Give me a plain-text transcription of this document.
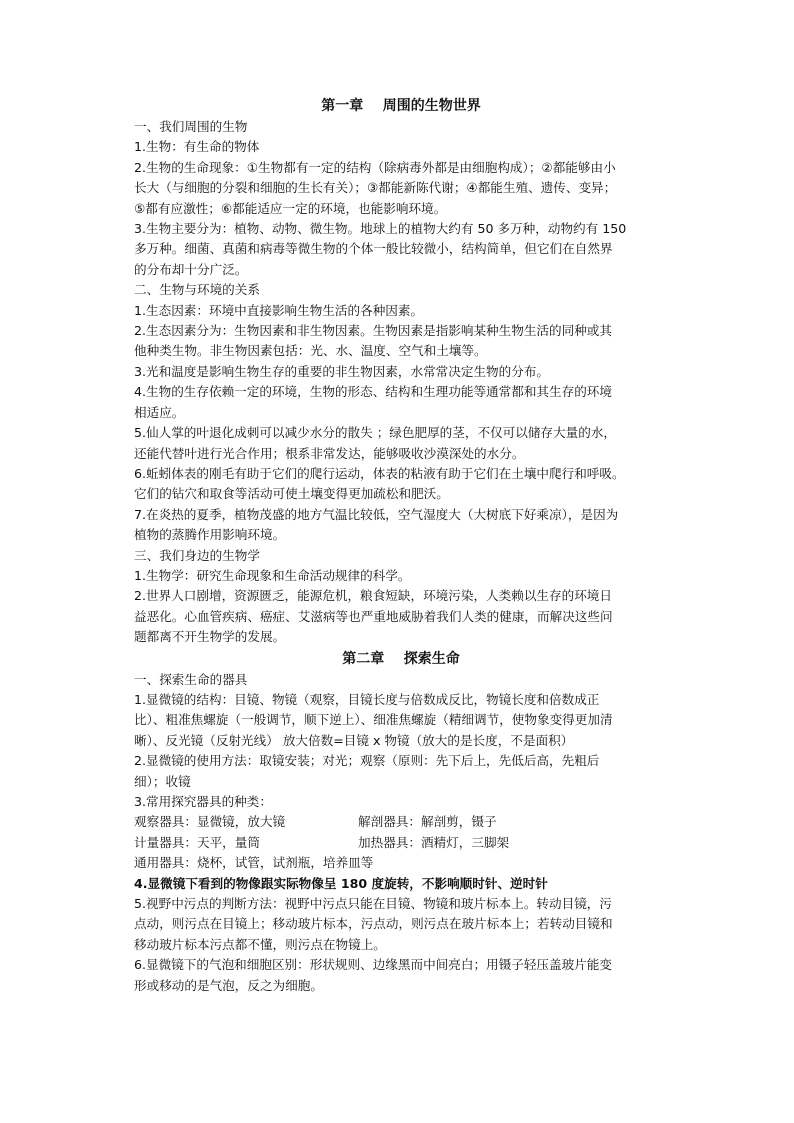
第一章    周围的生物世界

一、我们周围的生物

1.生物：有生命的物体

2.生物的生命现象：①生物都有一定的结构（除病毒外都是由细胞构成）；②都能够由小

长大（与细胞的分裂和细胞的生长有关）；③都能新陈代谢；④都能生殖、遗传、变异；

⑤都有应激性；⑥都能适应一定的环境，也能影响环境。

3.生物主要分为：植物、动物、微生物。地球上的植物大约有 50 多万种，动物约有 150

多万种。细菌、真菌和病毒等微生物的个体一般比较微小，结构简单，但它们在自然界

的分布却十分广泛。

二、生物与环境的关系

1.生态因素：环境中直接影响生物生活的各种因素。

2.生态因素分为：生物因素和非生物因素。生物因素是指影响某种生物生活的同种或其

他种类生物。非生物因素包括：光、水、温度、空气和土壤等。

3.光和温度是影响生物生存的重要的非生物因素，水常常决定生物的分布。

4.生物的生存依赖一定的环境，生物的形态、结构和生理功能等通常都和其生存的环境

相适应。

5.仙人掌的叶退化成刺可以减少水分的散失 ；绿色肥厚的茎，不仅可以储存大量的水，

还能代替叶进行光合作用；根系非常发达，能够吸收沙漠深处的水分。

6.蚯蚓体表的刚毛有助于它们的爬行运动，体表的粘液有助于它们在土壤中爬行和呼吸。

它们的钻穴和取食等活动可使土壤变得更加疏松和肥沃。

7.在炎热的夏季，植物茂盛的地方气温比较低，空气湿度大（大树底下好乘凉），是因为

植物的蒸腾作用影响环境。

三、我们身边的生物学

1.生物学：研究生命现象和生命活动规律的科学。

2.世界人口剧增，资源匮乏，能源危机，粮食短缺，环境污染，人类赖以生存的环境日

益恶化。心血管疾病、癌症、艾滋病等也严重地威胁着我们人类的健康，而解决这些问

题都离不开生物学的发展。

第二章    探索生命

一、探索生命的器具

1.显微镜的结构：目镜、物镜（观察，目镜长度与倍数成反比，物镜长度和倍数成正

比）、粗准焦螺旋（一般调节，顺下逆上）、细准焦螺旋（精细调节，使物象变得更加清

晰）、反光镜（反射光线） 放大倍数=目镜 x 物镜（放大的是长度，不是面积）

2.显微镜的使用方法：取镜安装；对光；观察（原则：先下后上，先低后高，先粗后

细）；收镜

3.常用探究器具的种类：

观察器具：显微镜，放大镜	解剖器具：解剖剪，镊子
计量器具：天平，量筒	加热器具：酒精灯，三脚架

通用器具：烧杯，试管，试剂瓶，培养皿等

4.显微镜下看到的物像跟实际物像呈 180 度旋转，不影响顺时针、逆时针

5.视野中污点的判断方法：视野中污点只能在目镜、物镜和玻片标本上。转动目镜，污

点动，则污点在目镜上；移动玻片标本，污点动，则污点在玻片标本上；若转动目镜和

移动玻片标本污点都不懂，则污点在物镜上。

6.显微镜下的气泡和细胞区别：形状规则、边缘黑而中间亮白；用镊子轻压盖玻片能变

形或移动的是气泡，反之为细胞。
